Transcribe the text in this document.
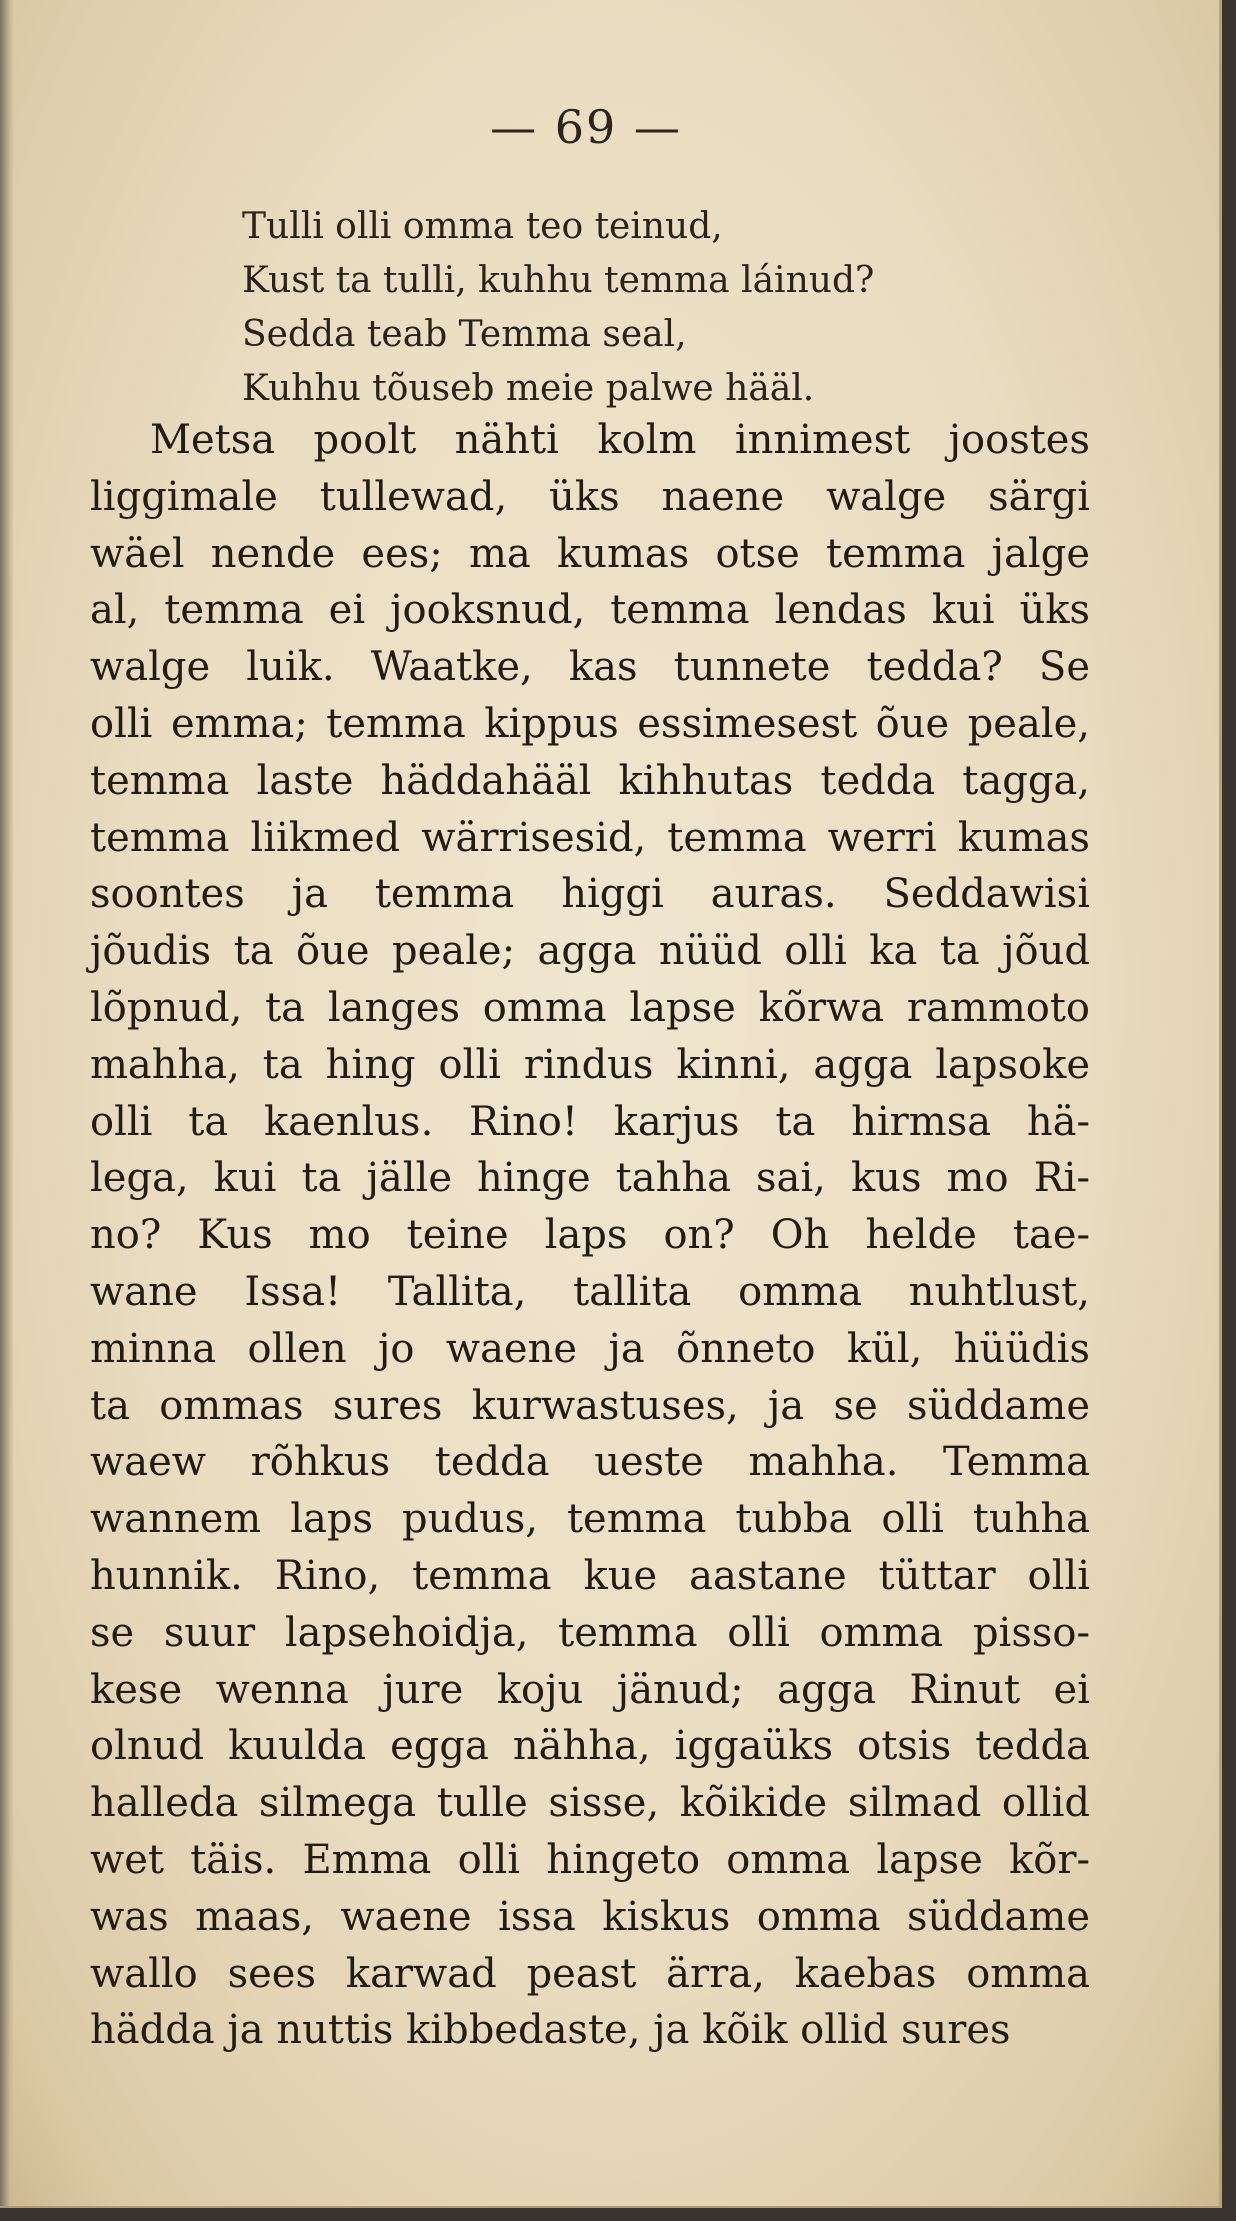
— 69 —
Tulli olli omma teo teinud,
Kust ta tulli, kuhhu temma láinud?
Sedda teab Temma seal,
Kuhhu tõuseb meie palwe hääl.
Metsa poolt nähti kolm innimest joostes
liggimale tullewad, üks naene walge särgi
wäel nende ees; ma kumas otse temma jalge
al, temma ei jooksnud, temma lendas kui üks
walge luik. Waatke, kas tunnete tedda? Se
olli emma; temma kippus essimesest õue peale,
temma laste häddahääl kihhutas tedda tagga,
temma liikmed wärrisesid, temma werri kumas
soontes ja temma higgi auras. Seddawisi
jõudis ta õue peale; agga nüüd olli ka ta jõud
lõpnud, ta langes omma lapse kõrwa rammoto
mahha, ta hing olli rindus kinni, agga lapsoke
olli ta kaenlus. Rino! karjus ta hirmsa hä-
lega, kui ta jälle hinge tahha sai, kus mo Ri-
no? Kus mo teine laps on? Oh helde tae-
wane Issa! Tallita, tallita omma nuhtlust,
minna ollen jo waene ja õnneto kül, hüüdis
ta ommas sures kurwastuses, ja se süddame
waew rõhkus tedda ueste mahha. Temma
wannem laps pudus, temma tubba olli tuhha
hunnik. Rino, temma kue aastane tüttar olli
se suur lapsehoidja, temma olli omma pisso-
kese wenna jure koju jänud; agga Rinut ei
olnud kuulda egga nähha, iggaüks otsis tedda
halleda silmega tulle sisse, kõikide silmad ollid
wet täis. Emma olli hingeto omma lapse kõr-
was maas, waene issa kiskus omma süddame
wallo sees karwad peast ärra, kaebas omma
hädda ja nuttis kibbedaste, ja kõik ollid sures
